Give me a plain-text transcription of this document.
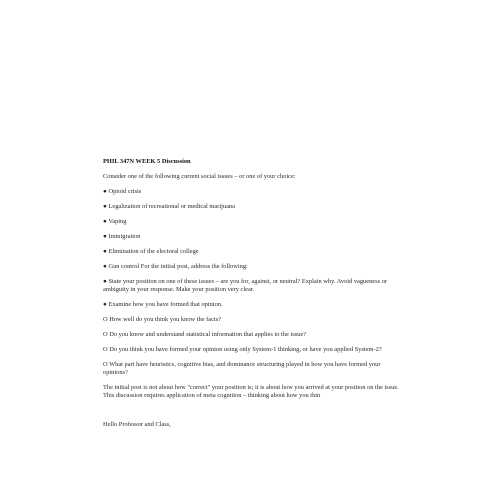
PHIL 347N WEEK 5 Discussion
Consider one of the following current social issues – or one of your choice:
● Opioid crisis
● Legalization of recreational or medical marijuana
● Vaping
● Immigration
● Elimination of the electoral college
● Gun control For the initial post, address the following:
● State your position on one of these issues – are you for, against, or neutral? Explain why. Avoid vagueness or ambiguity in your response. Make your position very clear.
● Examine how you have formed that opinion.
O How well do you think you know the facts?
O Do you know and understand statistical information that applies to the issue?
O Do you think you have formed your opinion using only System-1 thinking, or have you applied System-2?
O What part have heuristics, cognitive bias, and dominance structuring played in how you have formed your opinions?
The initial post is not about how "correct" your position is; it is about how you arrived at your position on the issue. This discussion requires application of meta cognition – thinking about how you thin
Hello Professor and Class,
